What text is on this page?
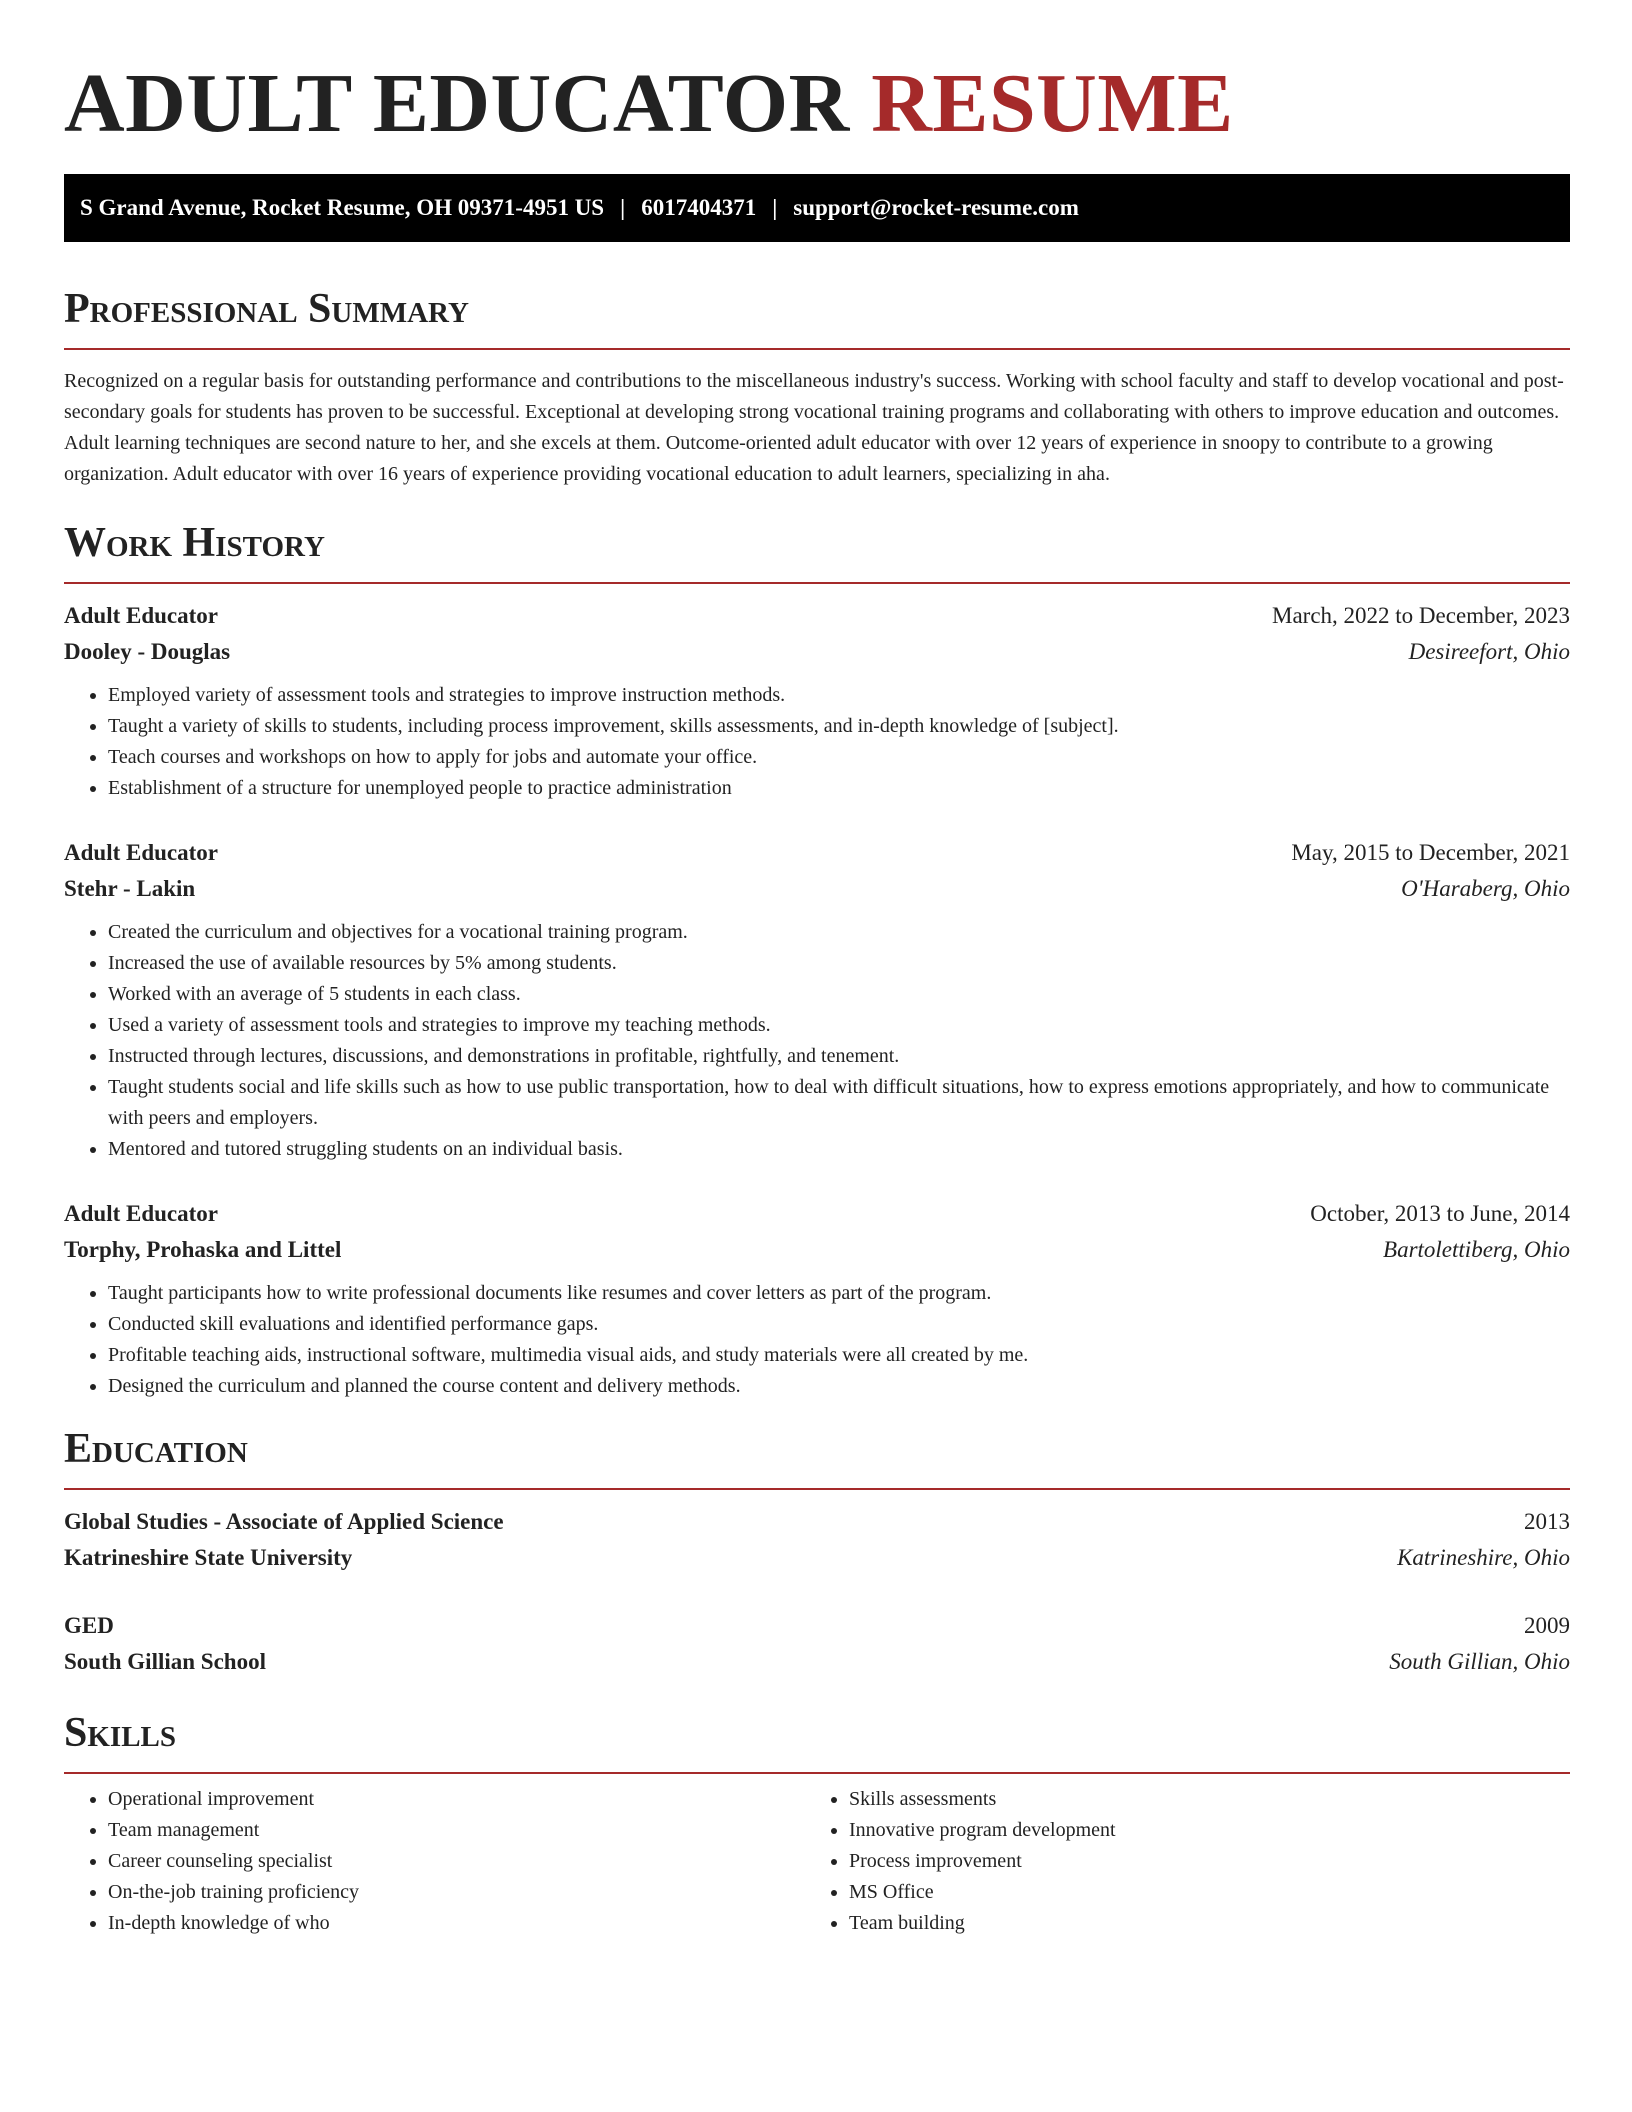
ADULT EDUCATOR RESUME
S Grand Avenue, Rocket Resume, OH 09371-4951 US | 6017404371 | support@rocket-resume.com
Professional Summary

Recognized on a regular basis for outstanding performance and contributions to the miscellaneous industry's success. Working with school faculty and staff to develop vocational and post-secondary goals for students has proven to be successful. Exceptional at developing strong vocational training programs and collaborating with others to improve education and outcomes. Adult learning techniques are second nature to her, and she excels at them. Outcome-oriented adult educator with over 12 years of experience in snoopy to contribute to a growing organization. Adult educator with over 16 years of experience providing vocational education to adult learners, specializing in aha.

Work History
Adult Educator	March, 2022 to December, 2023
Dooley - Douglas	Desireefort, Ohio
• Employed variety of assessment tools and strategies to improve instruction methods.
• Taught a variety of skills to students, including process improvement, skills assessments, and in-depth knowledge of [subject].
• Teach courses and workshops on how to apply for jobs and automate your office.
• Establishment of a structure for unemployed people to practice administration
Adult Educator	May, 2015 to December, 2021
Stehr - Lakin	O'Haraberg, Ohio
• Created the curriculum and objectives for a vocational training program.
• Increased the use of available resources by 5% among students.
• Worked with an average of 5 students in each class.
• Used a variety of assessment tools and strategies to improve my teaching methods.
• Instructed through lectures, discussions, and demonstrations in profitable, rightfully, and tenement.
• Taught students social and life skills such as how to use public transportation, how to deal with difficult situations, how to express emotions appropriately, and how to communicate with peers and employers.
• Mentored and tutored struggling students on an individual basis.
Adult Educator	October, 2013 to June, 2014
Torphy, Prohaska and Littel	Bartolettiberg, Ohio
• Taught participants how to write professional documents like resumes and cover letters as part of the program.
• Conducted skill evaluations and identified performance gaps.
• Profitable teaching aids, instructional software, multimedia visual aids, and study materials were all created by me.
• Designed the curriculum and planned the course content and delivery methods.
Education
Global Studies - Associate of Applied Science	2013
Katrineshire State University	Katrineshire, Ohio
GED	2009
South Gillian School	South Gillian, Ohio
Skills
• Operational improvement
• Team management
• Career counseling specialist
• On-the-job training proficiency
• In-depth knowledge of who
• Skills assessments
• Innovative program development
• Process improvement
• MS Office
• Team building
